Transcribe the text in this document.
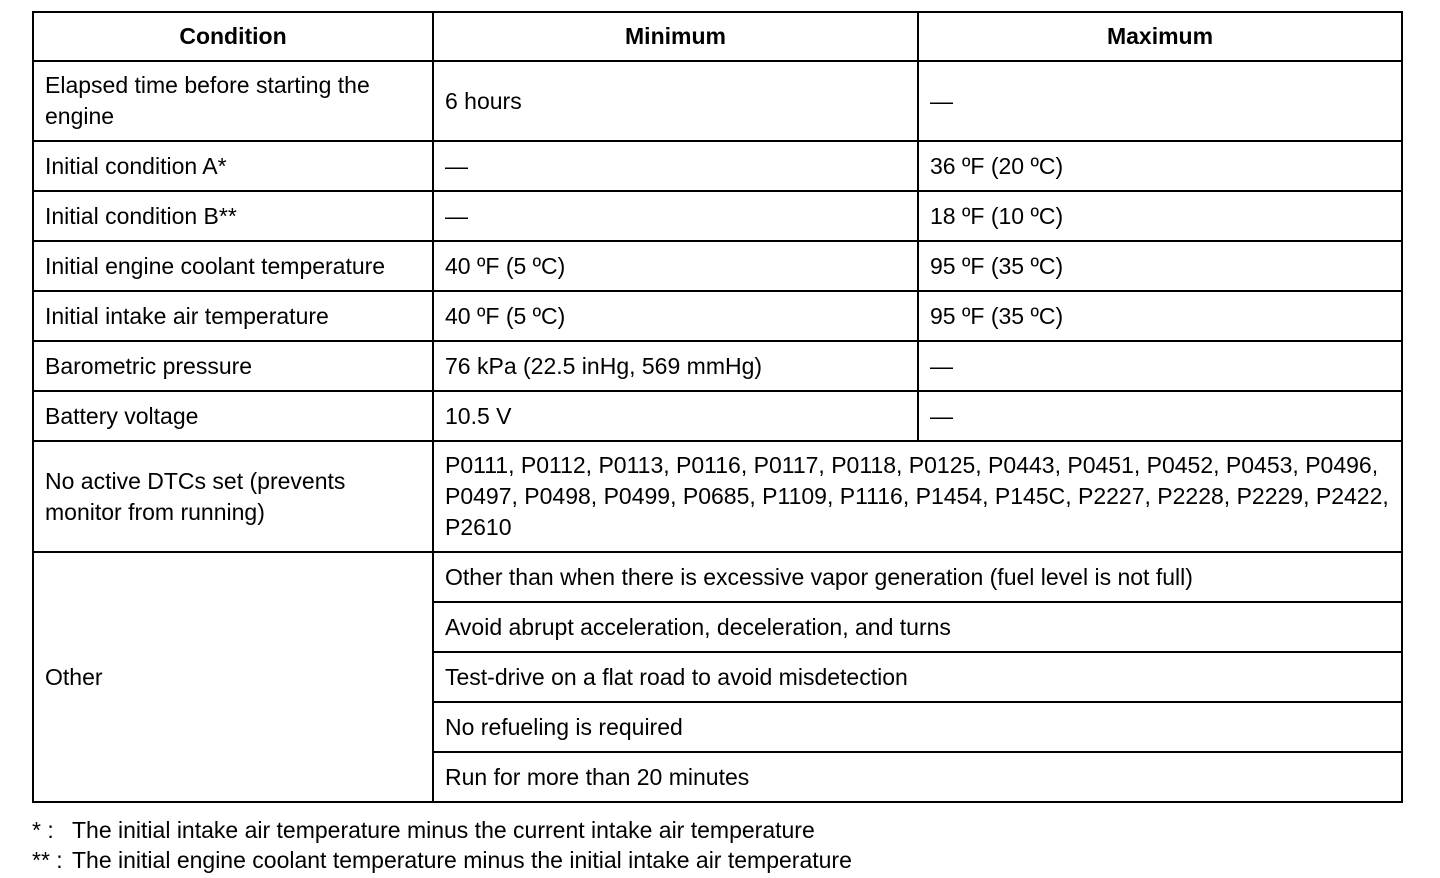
Condition	Minimum	Maximum
Elapsed time before starting the engine	6 hours	—
Initial condition A*	—	36 ºF (20 ºC)
Initial condition B**	—	18 ºF (10 ºC)
Initial engine coolant temperature	40 ºF (5 ºC)	95 ºF (35 ºC)
Initial intake air temperature	40 ºF (5 ºC)	95 ºF (35 ºC)
Barometric pressure	76 kPa (22.5 inHg, 569 mmHg)	—
Battery voltage	10.5 V	—
No active DTCs set (prevents monitor from running)	P0111, P0112, P0113, P0116, P0117, P0118, P0125, P0443, P0451, P0452, P0453, P0496, P0497, P0498, P0499, P0685, P1109, P1116, P1454, P145C, P2227, P2228, P2229, P2422, P2610	
Other	Other than when there is excessive vapor generation (fuel level is not full)	
	Avoid abrupt acceleration, deceleration, and turns	
	Test-drive on a flat road to avoid misdetection	
	No refueling is required	
	Run for more than 20 minutes	
* : The initial intake air temperature minus the current intake air temperature
** : The initial engine coolant temperature minus the initial intake air temperature
